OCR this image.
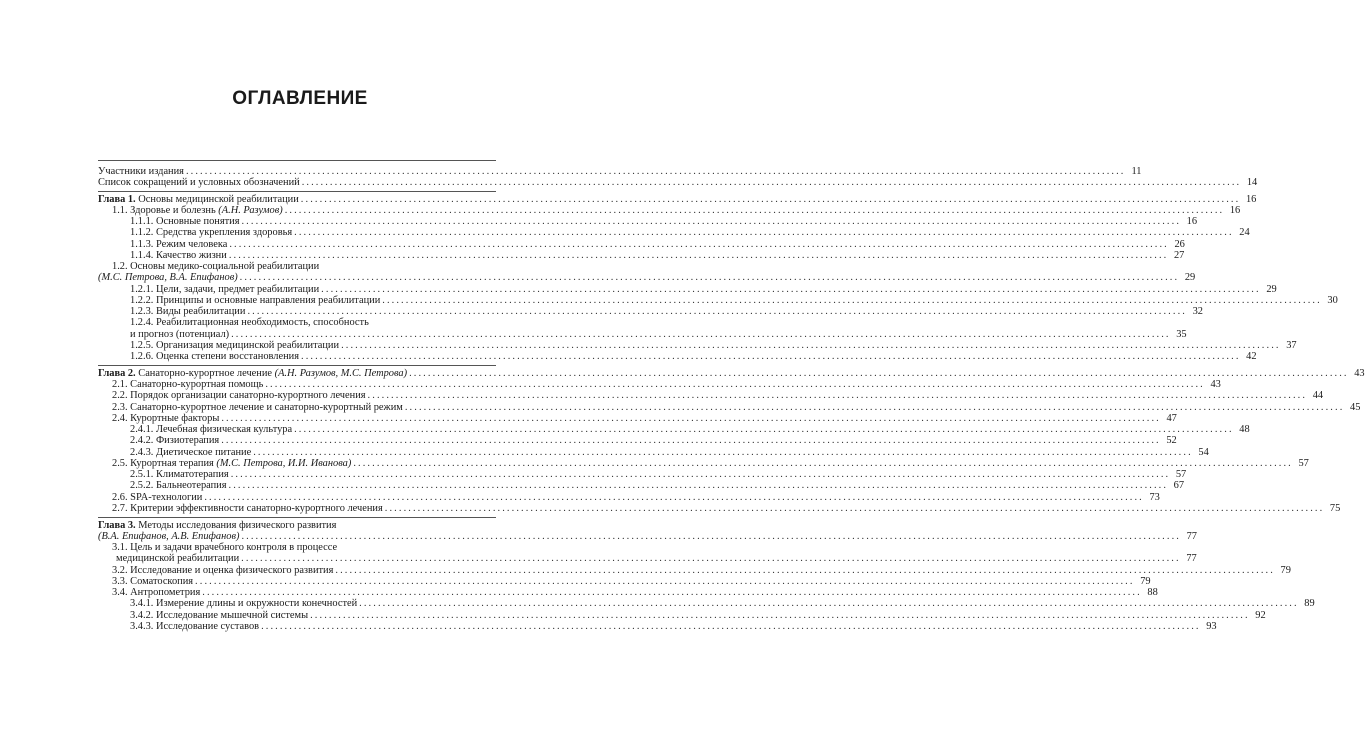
ОГЛАВЛЕНИЕ
Участники издания ........................................................................................................................................................................................................ 11
Список сокращений и условных обозначений ........................................................................................................................................................................................................ 14
Глава 1. Основы медицинской реабилитации ........................................................................................................................................................................................................ 16
1.1. Здоровье и болезнь (А.Н. Разумов) ........................................................................................................................................................................................................ 16
1.1.1. Основные понятия ........................................................................................................................................................................................................ 16
1.1.2. Средства укрепления здоровья ........................................................................................................................................................................................................ 24
1.1.3. Режим человека ........................................................................................................................................................................................................ 26
1.1.4. Качество жизни ........................................................................................................................................................................................................ 27
1.2. Основы медико-социальной реабилитации
(М.С. Петрова, В.А. Епифанов) ........................................................................................................................................................................................................ 29
1.2.1. Цели, задачи, предмет реабилитации ........................................................................................................................................................................................................ 29
1.2.2. Принципы и основные направления реабилитации ........................................................................................................................................................................................................ 30
1.2.3. Виды реабилитации ........................................................................................................................................................................................................ 32
1.2.4. Реабилитационная необходимость, способность
и прогноз (потенциал) ........................................................................................................................................................................................................ 35
1.2.5. Организация медицинской реабилитации ........................................................................................................................................................................................................ 37
1.2.6. Оценка степени восстановления ........................................................................................................................................................................................................ 42
Глава 2. Санаторно-курортное лечение (А.Н. Разумов, М.С. Петрова) ........................................................................................................................................................................................................ 43
2.1. Санаторно-курортная помощь ........................................................................................................................................................................................................ 43
2.2. Порядок организации санаторно-курортного лечения ........................................................................................................................................................................................................ 44
2.3. Санаторно-курортное лечение и санаторно-курортный режим ........................................................................................................................................................................................................ 45
2.4. Курортные факторы ........................................................................................................................................................................................................ 47
2.4.1. Лечебная физическая культура ........................................................................................................................................................................................................ 48
2.4.2. Физиотерапия ........................................................................................................................................................................................................ 52
2.4.3. Диетическое питание ........................................................................................................................................................................................................ 54
2.5. Курортная терапия (М.С. Петрова, И.И. Иванова) ........................................................................................................................................................................................................ 57
2.5.1. Климатотерапия ........................................................................................................................................................................................................ 57
2.5.2. Бальнеотерапия ........................................................................................................................................................................................................ 67
2.6. SPA-технологии ........................................................................................................................................................................................................ 73
2.7. Критерии эффективности санаторно-курортного лечения ........................................................................................................................................................................................................ 75
Глава 3. Методы исследования физического развития
(В.А. Епифанов, А.В. Епифанов) ........................................................................................................................................................................................................ 77
3.1. Цель и задачи врачебного контроля в процессе
медицинской реабилитации ........................................................................................................................................................................................................ 77
3.2. Исследование и оценка физического развития ........................................................................................................................................................................................................ 79
3.3. Соматоскопия ........................................................................................................................................................................................................ 79
3.4. Антропометрия ........................................................................................................................................................................................................ 88
3.4.1. Измерение длины и окружности конечностей ........................................................................................................................................................................................................ 89
3.4.2. Исследование мышечной системы ........................................................................................................................................................................................................ 92
3.4.3. Исследование суставов ........................................................................................................................................................................................................ 93
